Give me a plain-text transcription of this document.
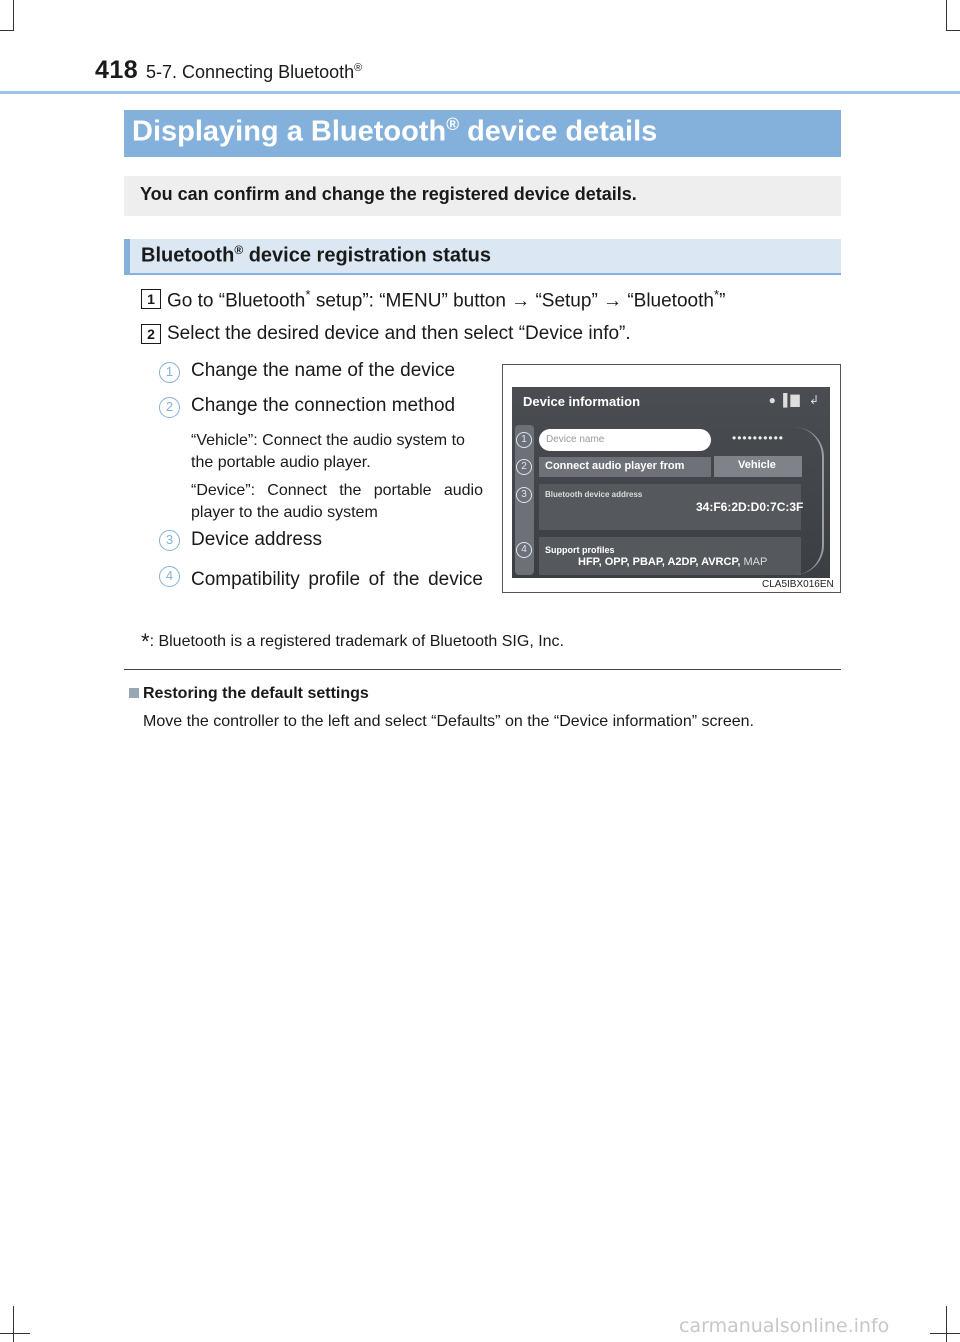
418 5-7. Connecting Bluetooth®
Displaying a Bluetooth® device details
You can confirm and change the registered device details.
Bluetooth® device registration status
1 Go to “Bluetooth* setup”: “MENU” button → “Setup” → “Bluetooth*”
2 Select the desired device and then select “Device info”.
1 Change the name of the device
2 Change the connection method
“Vehicle”: Connect the audio system to the portable audio player.
“Device”: Connect the portable audio player to the audio system
3 Device address
4 Compatibility profile of the device
Device information	●▐▇ ↲
Device name	••••••••••
Connect audio player from	Vehicle
Bluetooth device address
34:F6:2D:D0:7C:3F
Support profiles
HFP, OPP, PBAP, A2DP, AVRCP, MAP
1
2
3
4
CLA5IBX016EN
*: Bluetooth is a registered trademark of Bluetooth SIG, Inc.
Restoring the default settings
Move the controller to the left and select “Defaults” on the “Device information” screen.
carmanualsonline.info
